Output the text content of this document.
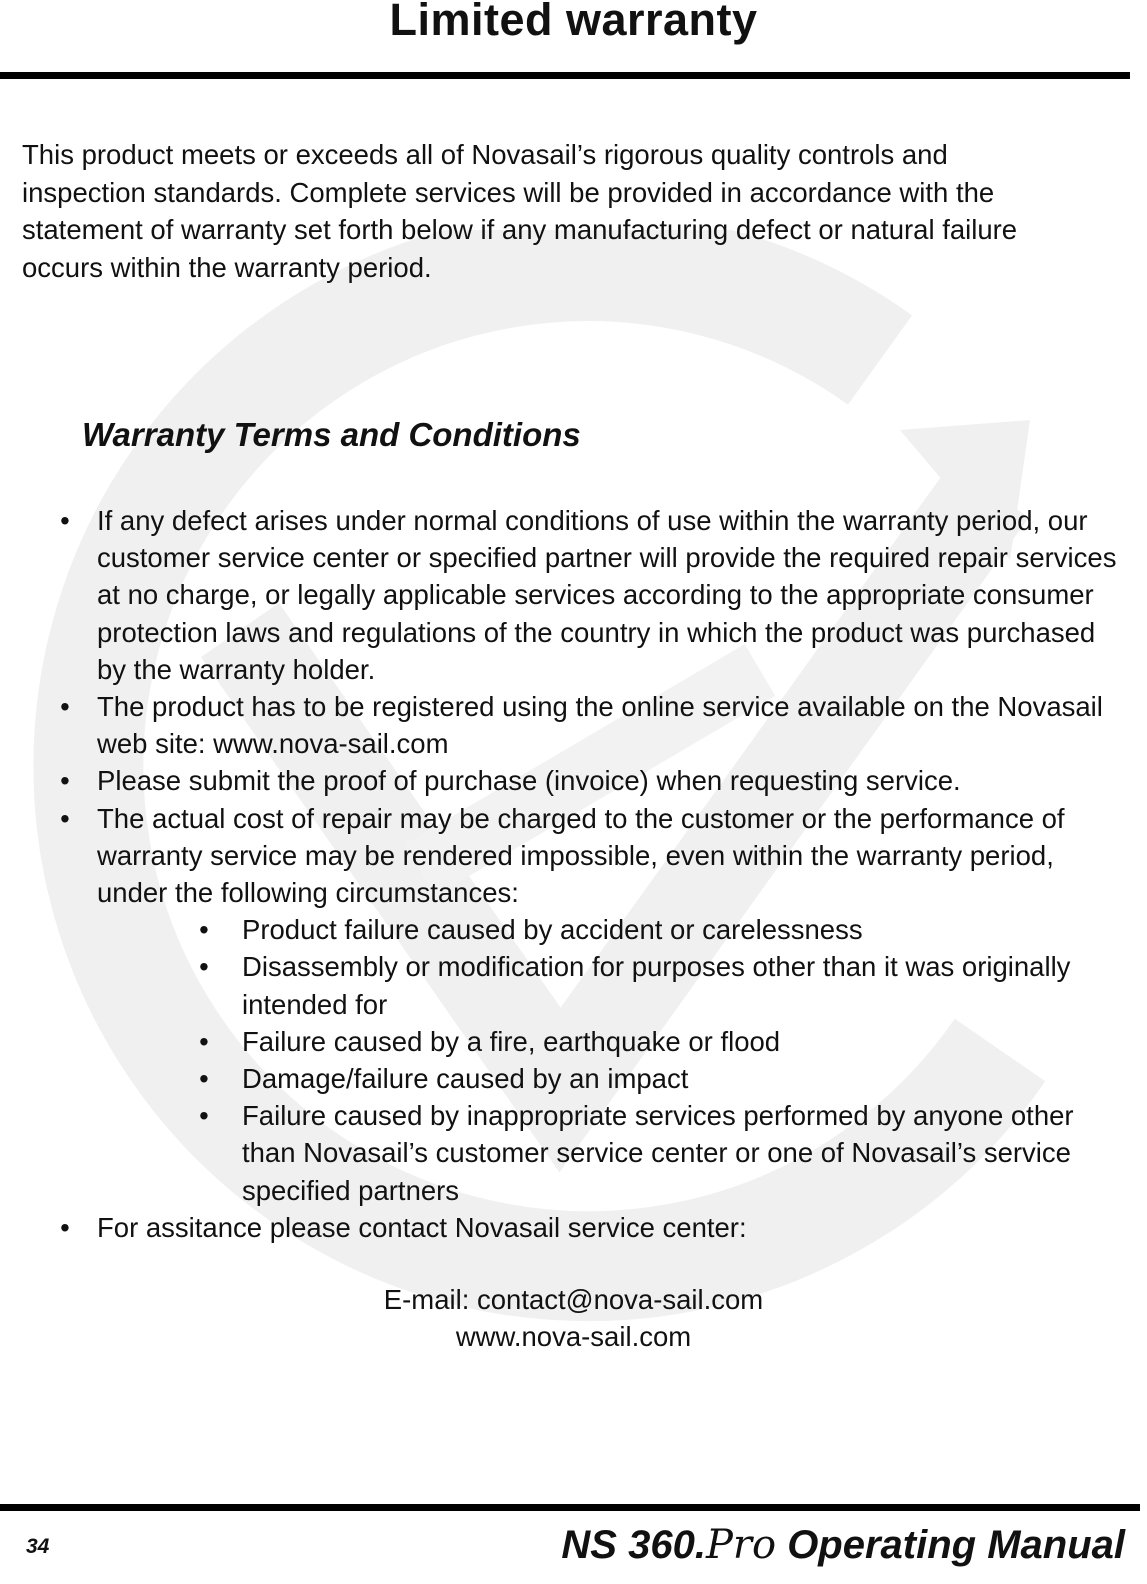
Limited warranty
This product meets or exceeds all of Novasail’s rigorous quality controls and
inspection standards. Complete services will be provided in accordance with the
statement of warranty set forth below if any manufacturing defect or natural failure
occurs within the warranty period.
Warranty Terms and Conditions
• If any defect arises under normal conditions of use within the warranty period, our customer service center or specified partner will provide the required repair services at no charge, or legally applicable services according to the appropriate consumer protection laws and regulations of the country in which the product was purchased by the warranty holder.
• The product has to be registered using the online service available on the Novasail web site: www.nova-sail.com
• Please submit the proof of purchase (invoice) when requesting service.
• The actual cost of repair may be charged to the customer or the performance of warranty service may be rendered impossible, even within the warranty period, under the following circumstances:
• Product failure caused by accident or carelessness
• Disassembly or modification for purposes other than it was originally intended for
• Failure caused by a fire, earthquake or flood
• Damage/failure caused by an impact
• Failure caused by inappropriate services performed by anyone other than Novasail’s customer service center or one of Novasail’s service specified partners
• For assitance please contact Novasail service center:
E-mail: contact@nova-sail.com
www.nova-sail.com
34	NS 360.Pro Operating Manual
